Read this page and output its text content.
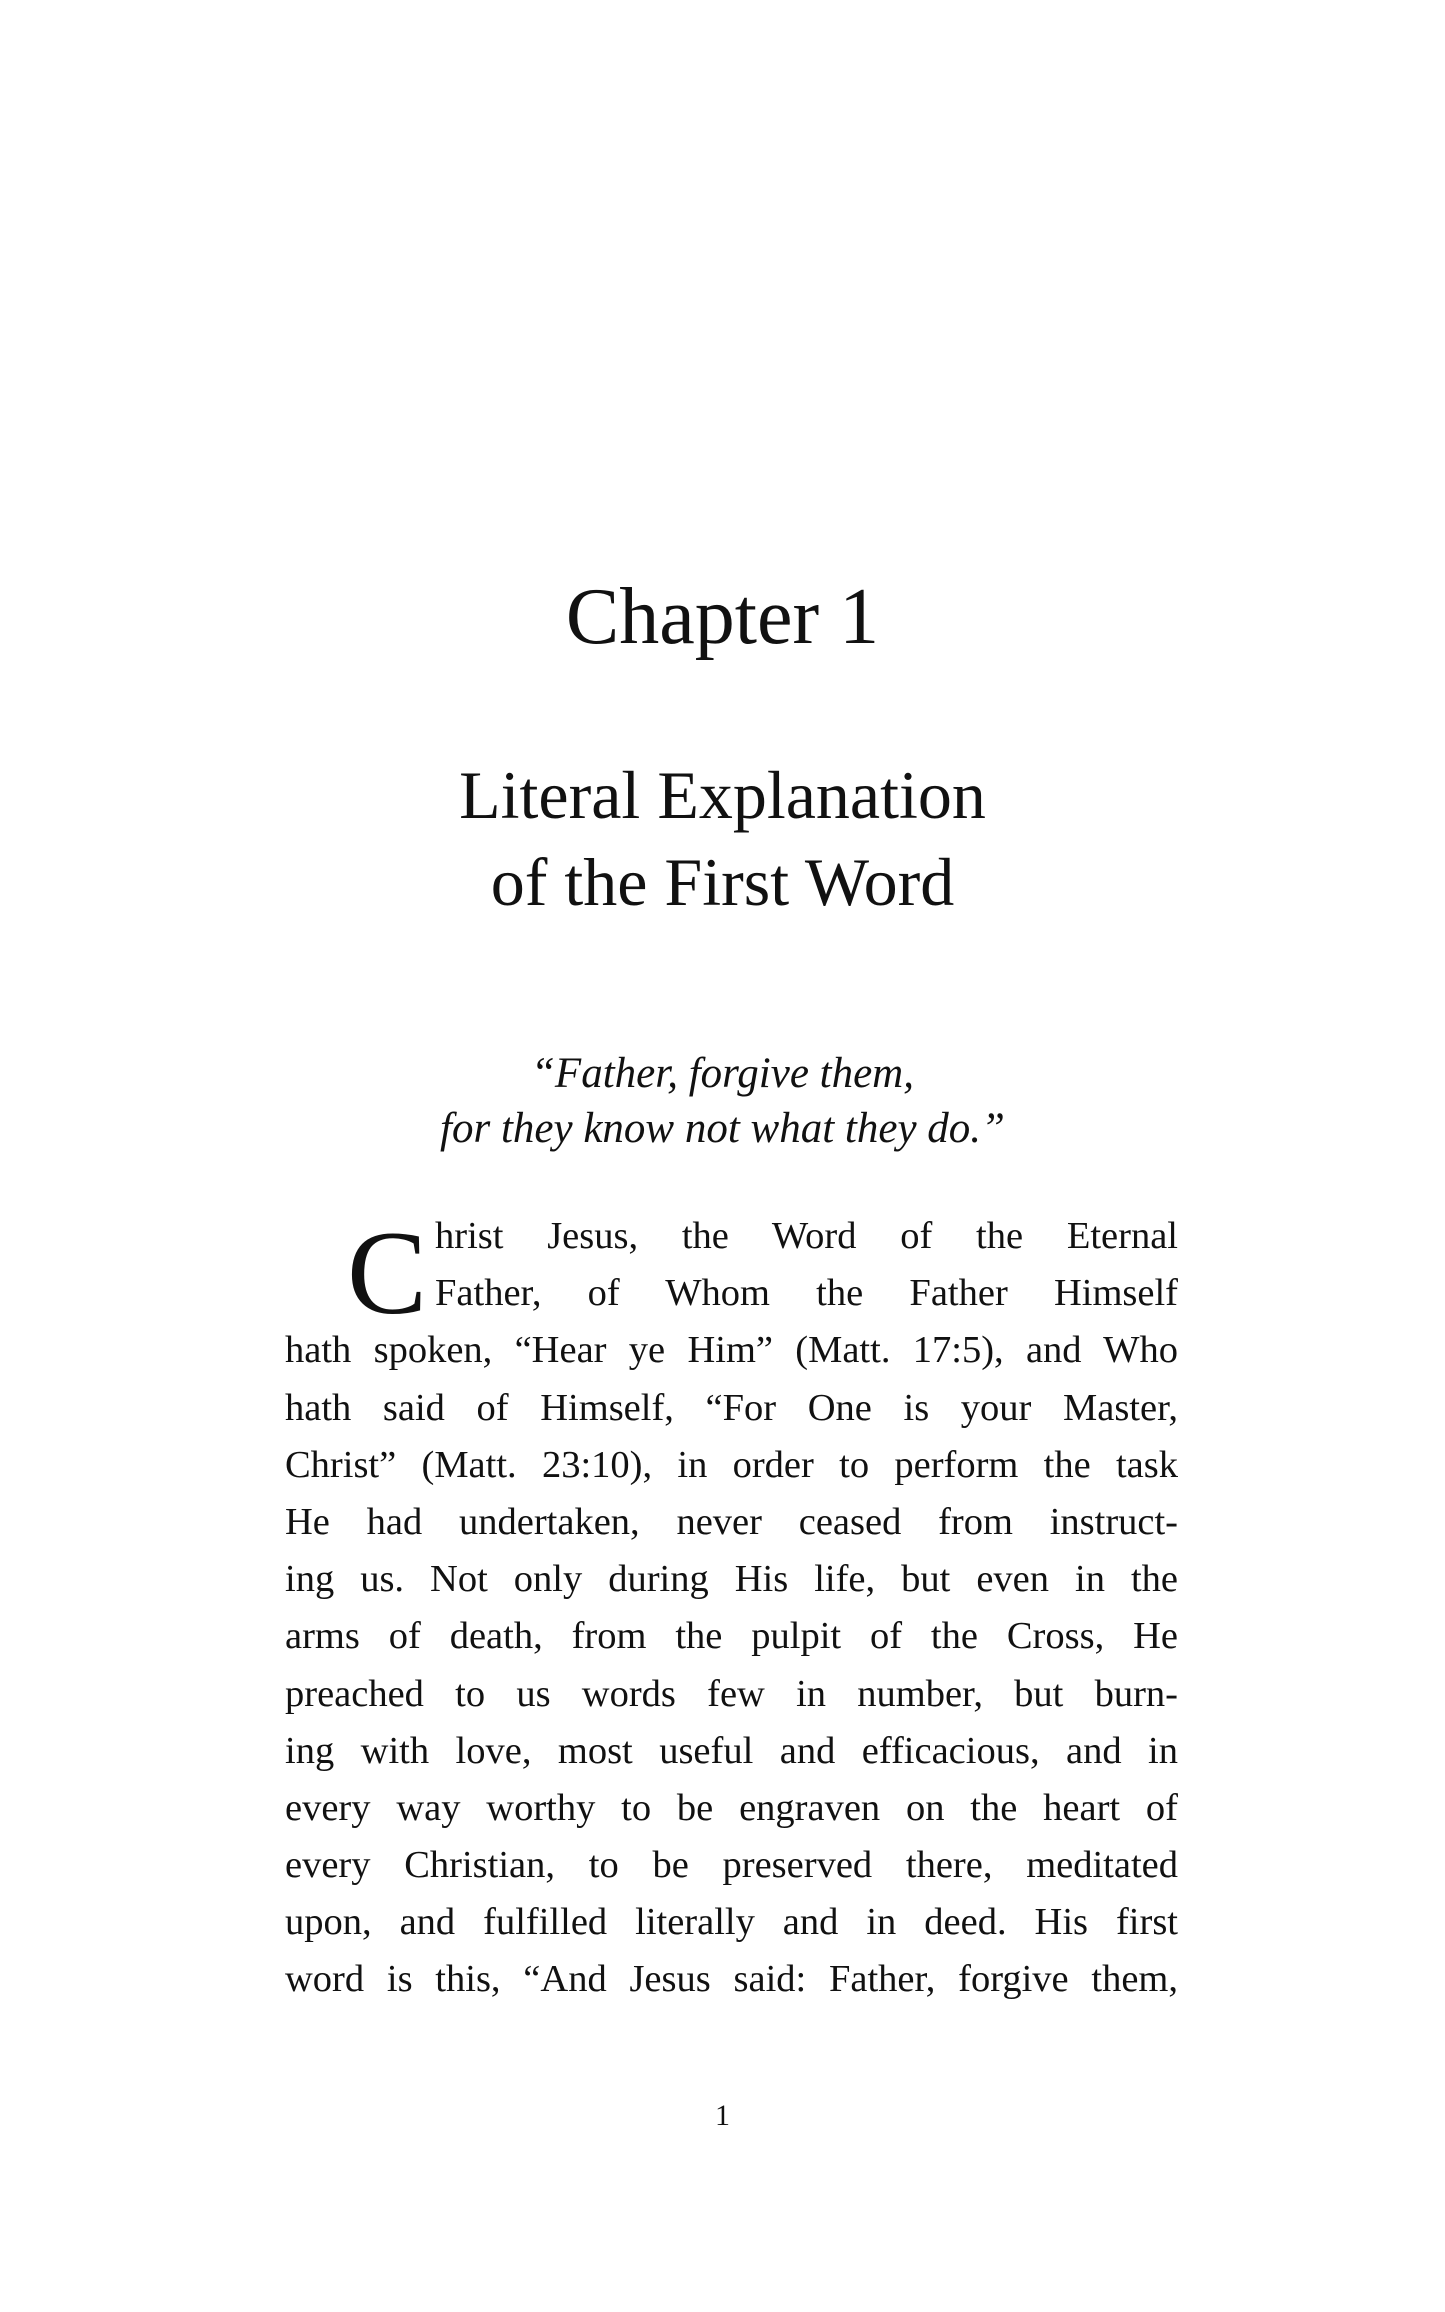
Chapter 1
Literal Explanation
of the First Word
“Father, forgive them,
for they know not what they do.”
C hrist Jesus, the Word of the Eternal
Father, of Whom the Father Himself
hath spoken, “Hear ye Him” (Matt. 17:5), and Who
hath said of Himself, “For One is your Master,
Christ” (Matt. 23:10), in order to perform the task
He had undertaken, never ceased from instruct-
ing us. Not only during His life, but even in the
arms of death, from the pulpit of the Cross, He
preached to us words few in number, but burn-
ing with love, most useful and efficacious, and in
every way worthy to be engraven on the heart of
every Christian, to be preserved there, meditated
upon, and fulfilled literally and in deed. His first
word is this, “And Jesus said: Father, forgive them,
1
